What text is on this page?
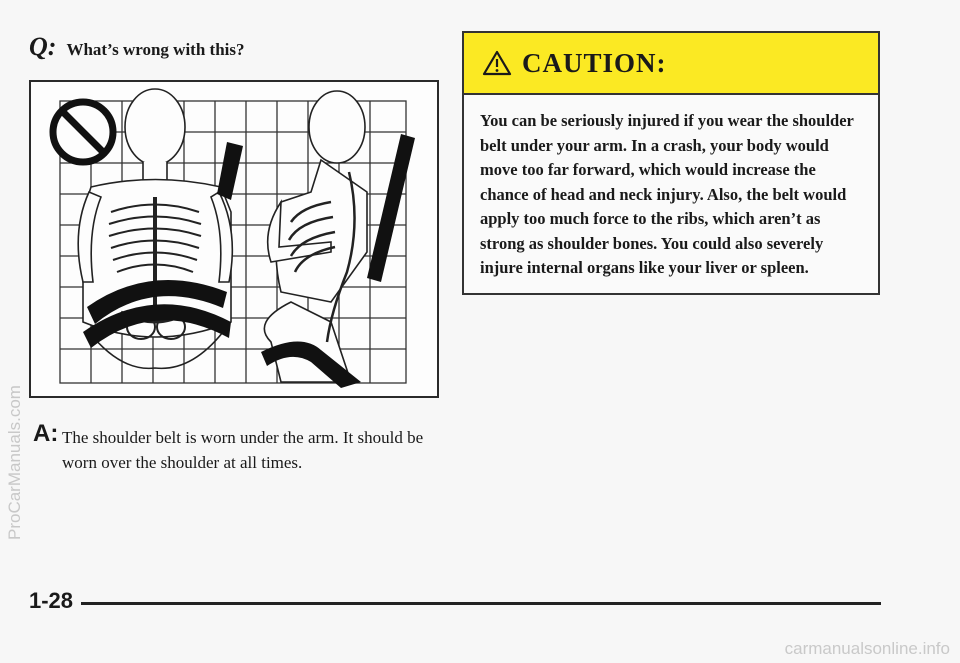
Q: What’s wrong with this?
A: The shoulder belt is worn under the arm. It should be worn over the shoulder at all times.
CAUTION:
You can be seriously injured if you wear the shoulder belt under your arm. In a crash, your body would move too far forward, which would increase the chance of head and neck injury. Also, the belt would apply too much force to the ribs, which aren’t as strong as shoulder bones. You could also severely injure internal organs like your liver or spleen.
1-28
ProCarManuals.com
carmanualsonline.info
